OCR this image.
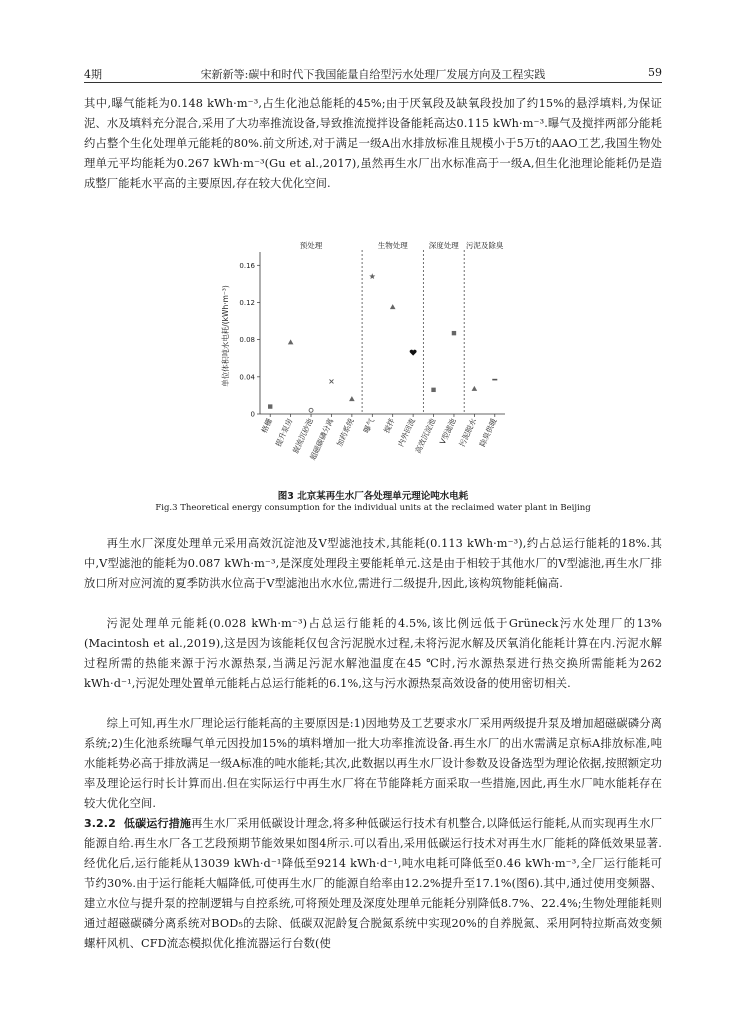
4期	宋新新等:碳中和时代下我国能量自给型污水处理厂发展方向及工程实践	59

其中,曝气能耗为0.148 kWh·m⁻³,占生化池总能耗的45%;由于厌氧段及缺氧段投加了约15%的悬浮填料,为保证泥、水及填料充分混合,采用了大功率推流设备,导致推流搅拌设备能耗高达0.115 kWh·m⁻³.曝气及搅拌两部分能耗约占整个生化处理单元能耗的80%.前文所述,对于满足一级A出水排放标准且规模小于5万t的AAO工艺,我国生物处理单元平均能耗为0.267 kWh·m⁻³(Gu et al.,2017),虽然再生水厂出水标准高于一级A,但生化池理论能耗仍是造成整厂能耗水平高的主要原因,存在较大优化空间.

单位体积吨水电耗/(kWh·m⁻³)
0
0.04
0.08
0.12
0.16
格栅 提升泵房
旋流沉砂池
超磁碳磷分离 加药系统 曝气 搅拌 内外回流
高效沉淀池 V型滤池 污泥脱水 除臭供暖
预处理	生物处理	深度处理 污泥及除臭
图3 北京某再生水厂各处理单元理论吨水电耗
Fig.3 Theoretical energy consumption for the individual units at the reclaimed water plant in Beijing

再生水厂深度处理单元采用高效沉淀池及V型滤池技术,其能耗(0.113 kWh·m⁻³),约占总运行能耗的18%.其中,V型滤池的能耗为0.087 kWh·m⁻³,是深度处理段主要能耗单元.这是由于相较于其他水厂的V型滤池,再生水厂排放口所对应河流的夏季防洪水位高于V型滤池出水水位,需进行二级提升,因此,该构筑物能耗偏高.

污泥处理单元能耗(0.028 kWh·m⁻³)占总运行能耗的4.5%,该比例远低于Grüneck污水处理厂的13%(Macintosh et al.,2019),这是因为该能耗仅包含污泥脱水过程,未将污泥水解及厌氧消化能耗计算在内.污泥水解过程所需的热能来源于污水源热泵,当满足污泥水解池温度在45 ℃时,污水源热泵进行热交换所需能耗为262 kWh·d⁻¹,污泥处理处置单元能耗占总运行能耗的6.1%,这与污水源热泵高效设备的使用密切相关.

综上可知,再生水厂理论运行能耗高的主要原因是:1)因地势及工艺要求水厂采用两级提升泵及增加超磁碳磷分离系统;2)生化池系统曝气单元因投加15%的填料增加一批大功率推流设备.再生水厂的出水需满足京标A排放标准,吨水能耗势必高于排放满足一级A标准的吨水能耗;其次,此数据以再生水厂设计参数及设备选型为理论依据,按照额定功率及理论运行时长计算而出.但在实际运行中再生水厂将在节能降耗方面采取一些措施,因此,再生水厂吨水能耗存在较大优化空间.

3.2.2 低碳运行措施再生水厂采用低碳设计理念,将多种低碳运行技术有机整合,以降低运行能耗,从而实现再生水厂能源自给.再生水厂各工艺段预期节能效果如图4所示.可以看出,采用低碳运行技术对再生水厂能耗的降低效果显著.经优化后,运行能耗从13039 kWh·d⁻¹降低至9214 kWh·d⁻¹,吨水电耗可降低至0.46 kWh·m⁻³,全厂运行能耗可节约30%.由于运行能耗大幅降低,可使再生水厂的能源自给率由12.2%提升至17.1%(图6).其中,通过使用变频器、建立水位与提升泵的控制逻辑与自控系统,可将预处理及深度处理单元能耗分别降低8.7%、22.4%;生物处理能耗则通过超磁碳磷分离系统对BOD₅的去除、低碳双泥龄复合脱氮系统中实现20%的自养脱氮、采用阿特拉斯高效变频螺杆风机、CFD流态模拟优化推流器运行台数(使
